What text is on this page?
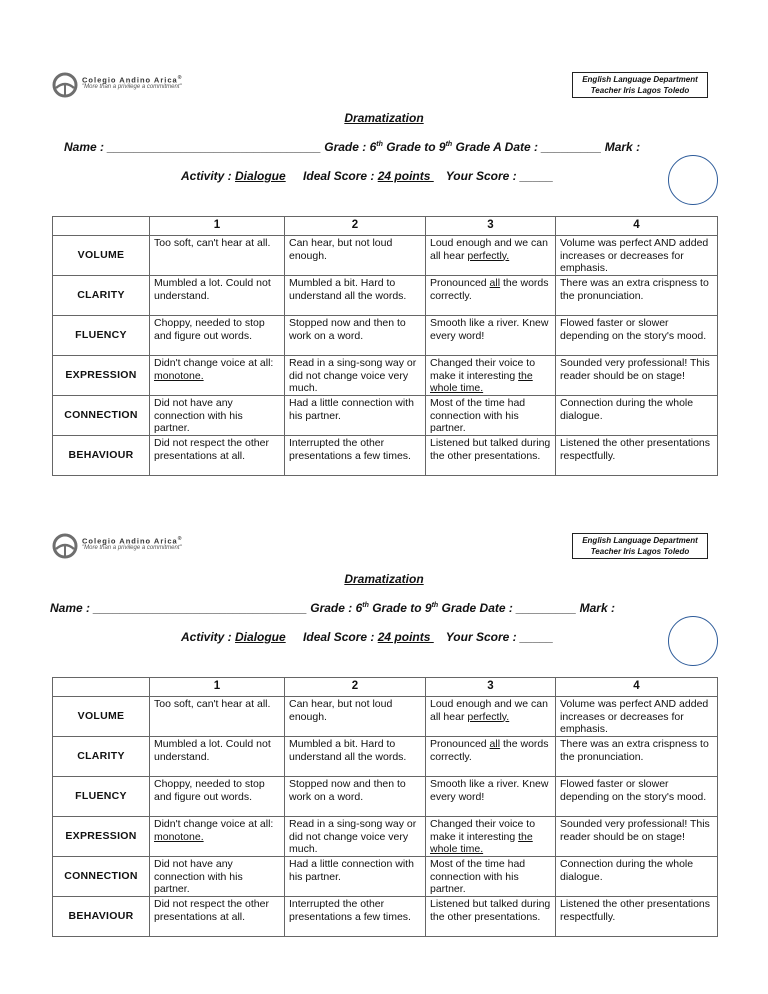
Colegio Andino Arica®
"More than a privilege a commitment"
English Language Department
Teacher Iris Lagos Toledo
Dramatization
Name : ________________________________ Grade : 6th Grade to 9th Grade A Date : _________ Mark :
Activity : Dialogue Ideal Score : 24 points Your Score : _____
	1	2	3	4
VOLUME	Too soft, can't hear at all.	Can hear, but not loud enough.	Loud enough and we can all hear perfectly.	Volume was perfect AND added increases or decreases for emphasis.
CLARITY	Mumbled a lot. Could not understand.	Mumbled a bit. Hard to understand all the words.	Pronounced all the words correctly.	There was an extra crispness to the pronunciation.
FLUENCY	Choppy, needed to stop and figure out words.	Stopped now and then to work on a word.	Smooth like a river. Knew every word!	Flowed faster or slower depending on the story's mood.
EXPRESSION	Didn't change voice at all: monotone.	Read in a sing-song way or did not change voice very much.	Changed their voice to make it interesting the whole time.	Sounded very professional! This reader should be on stage!
CONNECTION	Did not have any connection with his partner.	Had a little connection with his partner.	Most of the time had connection with his partner.	Connection during the whole dialogue.
BEHAVIOUR	Did not respect the other presentations at all.	Interrupted the other presentations a few times.	Listened but talked during the other presentations.	Listened the other presentations respectfully.
Colegio Andino Arica®
"More than a privilege a commitment"
English Language Department
Teacher Iris Lagos Toledo
Dramatization
Name : ________________________________ Grade : 6th Grade to 9th Grade Date : _________ Mark :
Activity : Dialogue Ideal Score : 24 points Your Score : _____
	1	2	3	4
VOLUME	Too soft, can't hear at all.	Can hear, but not loud enough.	Loud enough and we can all hear perfectly.	Volume was perfect AND added increases or decreases for emphasis.
CLARITY	Mumbled a lot. Could not understand.	Mumbled a bit. Hard to understand all the words.	Pronounced all the words correctly.	There was an extra crispness to the pronunciation.
FLUENCY	Choppy, needed to stop and figure out words.	Stopped now and then to work on a word.	Smooth like a river. Knew every word!	Flowed faster or slower depending on the story's mood.
EXPRESSION	Didn't change voice at all: monotone.	Read in a sing-song way or did not change voice very much.	Changed their voice to make it interesting the whole time.	Sounded very professional! This reader should be on stage!
CONNECTION	Did not have any connection with his partner.	Had a little connection with his partner.	Most of the time had connection with his partner.	Connection during the whole dialogue.
BEHAVIOUR	Did not respect the other presentations at all.	Interrupted the other presentations a few times.	Listened but talked during the other presentations.	Listened the other presentations respectfully.
